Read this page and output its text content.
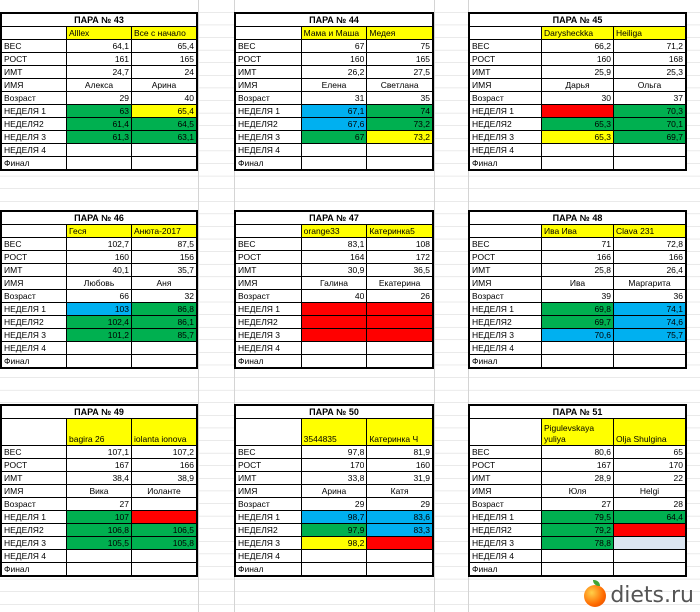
ПАРА № 43		
	Alllex	Все с начало
ВЕС	64,1	65,4
РОСТ	161	165
ИМТ	24,7	24
ИМЯ	Алекса	Арина
Возраст	29	40
НЕДЕЛЯ 1	63	65,4
НЕДЕЛЯ2	61,4	64,5
НЕДЕЛЯ 3	61,3	63,1
НЕДЕЛЯ 4		
Финал		
ПАРА № 44		
	Мама и Маша	Медея
ВЕС	67	75
РОСТ	160	165
ИМТ	26,2	27,5
ИМЯ	Елена	Светлана
Возраст	31	35
НЕДЕЛЯ 1	67,1	74
НЕДЕЛЯ2	67,6	73,2
НЕДЕЛЯ 3	67	73,2
НЕДЕЛЯ 4		
Финал		
ПАРА № 45		
	Darysheckka	Heiliga
ВЕС	66,2	71,2
РОСТ	160	168
ИМТ	25,9	25,3
ИМЯ	Дарья	Ольга
Возраст	30	37
НЕДЕЛЯ 1		70,3
НЕДЕЛЯ2	65,3	70,1
НЕДЕЛЯ 3	65,3	69,7
НЕДЕЛЯ 4		
Финал		
ПАРА № 46		
	Геся	Анюта-2017
ВЕС	102,7	87,5
РОСТ	160	156
ИМТ	40,1	35,7
ИМЯ	Любовь	Аня
Возраст	66	32
НЕДЕЛЯ 1	103	86,8
НЕДЕЛЯ2	102,4	86,1
НЕДЕЛЯ 3	101,2	85,7
НЕДЕЛЯ 4		
Финал		
ПАРА № 47		
	orange33	Катеринка5
ВЕС	83,1	108
РОСТ	164	172
ИМТ	30,9	36,5
ИМЯ	Галина	Екатерина
Возраст	40	26
НЕДЕЛЯ 1		
НЕДЕЛЯ2		
НЕДЕЛЯ 3		
НЕДЕЛЯ 4		
Финал		
ПАРА № 48		
	Ива Ива	Clava 231
ВЕС	71	72,8
РОСТ	166	166
ИМТ	25,8	26,4
ИМЯ	Ива	Маргарита
Возраст	39	36
НЕДЕЛЯ 1	69,8	74,1
НЕДЕЛЯ2	69,7	74,6
НЕДЕЛЯ 3	70,6	75,7
НЕДЕЛЯ 4		
Финал		
ПАРА № 49		
	bagira 26	iolanta ionova
ВЕС	107,1	107,2
РОСТ	167	166
ИМТ	38,4	38,9
ИМЯ	Вика	Иоланте
Возраст	27	
НЕДЕЛЯ 1	107	
НЕДЕЛЯ2	106,8	106,5
НЕДЕЛЯ 3	105,5	105,8
НЕДЕЛЯ 4		
Финал		
ПАРА № 50		
	3544835	Катеринка Ч
ВЕС	97,8	81,9
РОСТ	170	160
ИМТ	33,8	31,9
ИМЯ	Арина	Катя
Возраст	29	29
НЕДЕЛЯ 1	98,7	83,6
НЕДЕЛЯ2	97,9	83,3
НЕДЕЛЯ 3	98,2	
НЕДЕЛЯ 4		
Финал		
ПАРА № 51		
	Pigulevskaya yuliya	Olja Shulgina
ВЕС	80,6	65
РОСТ	167	170
ИМТ	28,9	22
ИМЯ	Юля	Helgi
Возраст	27	28
НЕДЕЛЯ 1	79,5	64,4
НЕДЕЛЯ2	79,2	
НЕДЕЛЯ 3	78,8	
НЕДЕЛЯ 4		
Финал		
diets.ru
